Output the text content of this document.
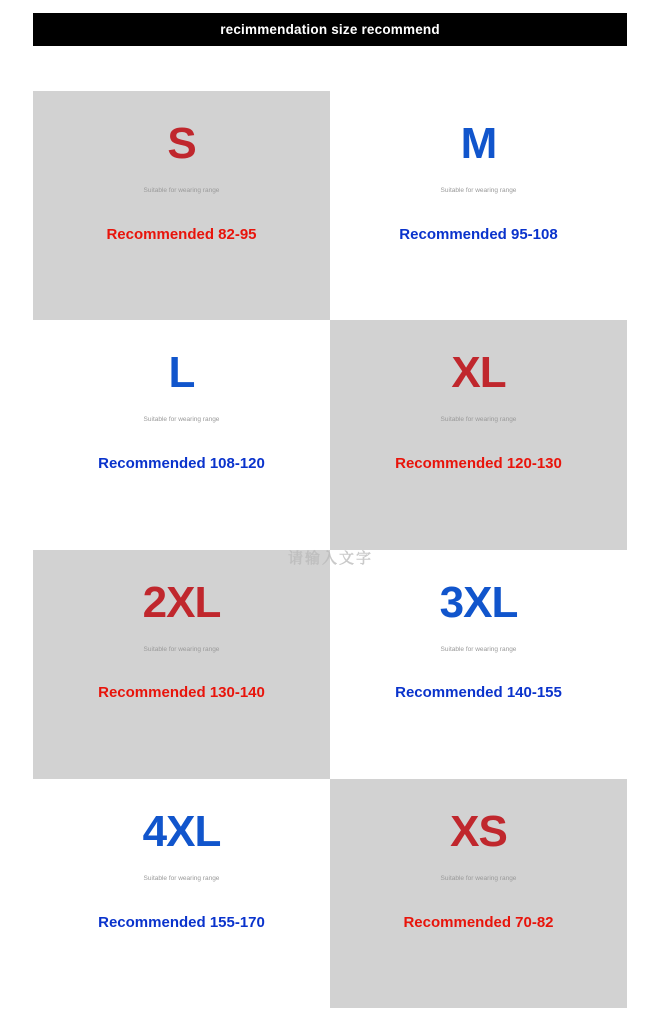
recimmendation size recommend
S
Suitable for wearing range
Recommended 82-95
M
Suitable for wearing range
Recommended 95-108
L
Suitable for wearing range
Recommended 108-120
XL
Suitable for wearing range
Recommended 120-130
2XL
Suitable for wearing range
Recommended 130-140
3XL
Suitable for wearing range
Recommended 140-155
4XL
Suitable for wearing range
Recommended 155-170
XS
Suitable for wearing range
Recommended 70-82
请输入文字
